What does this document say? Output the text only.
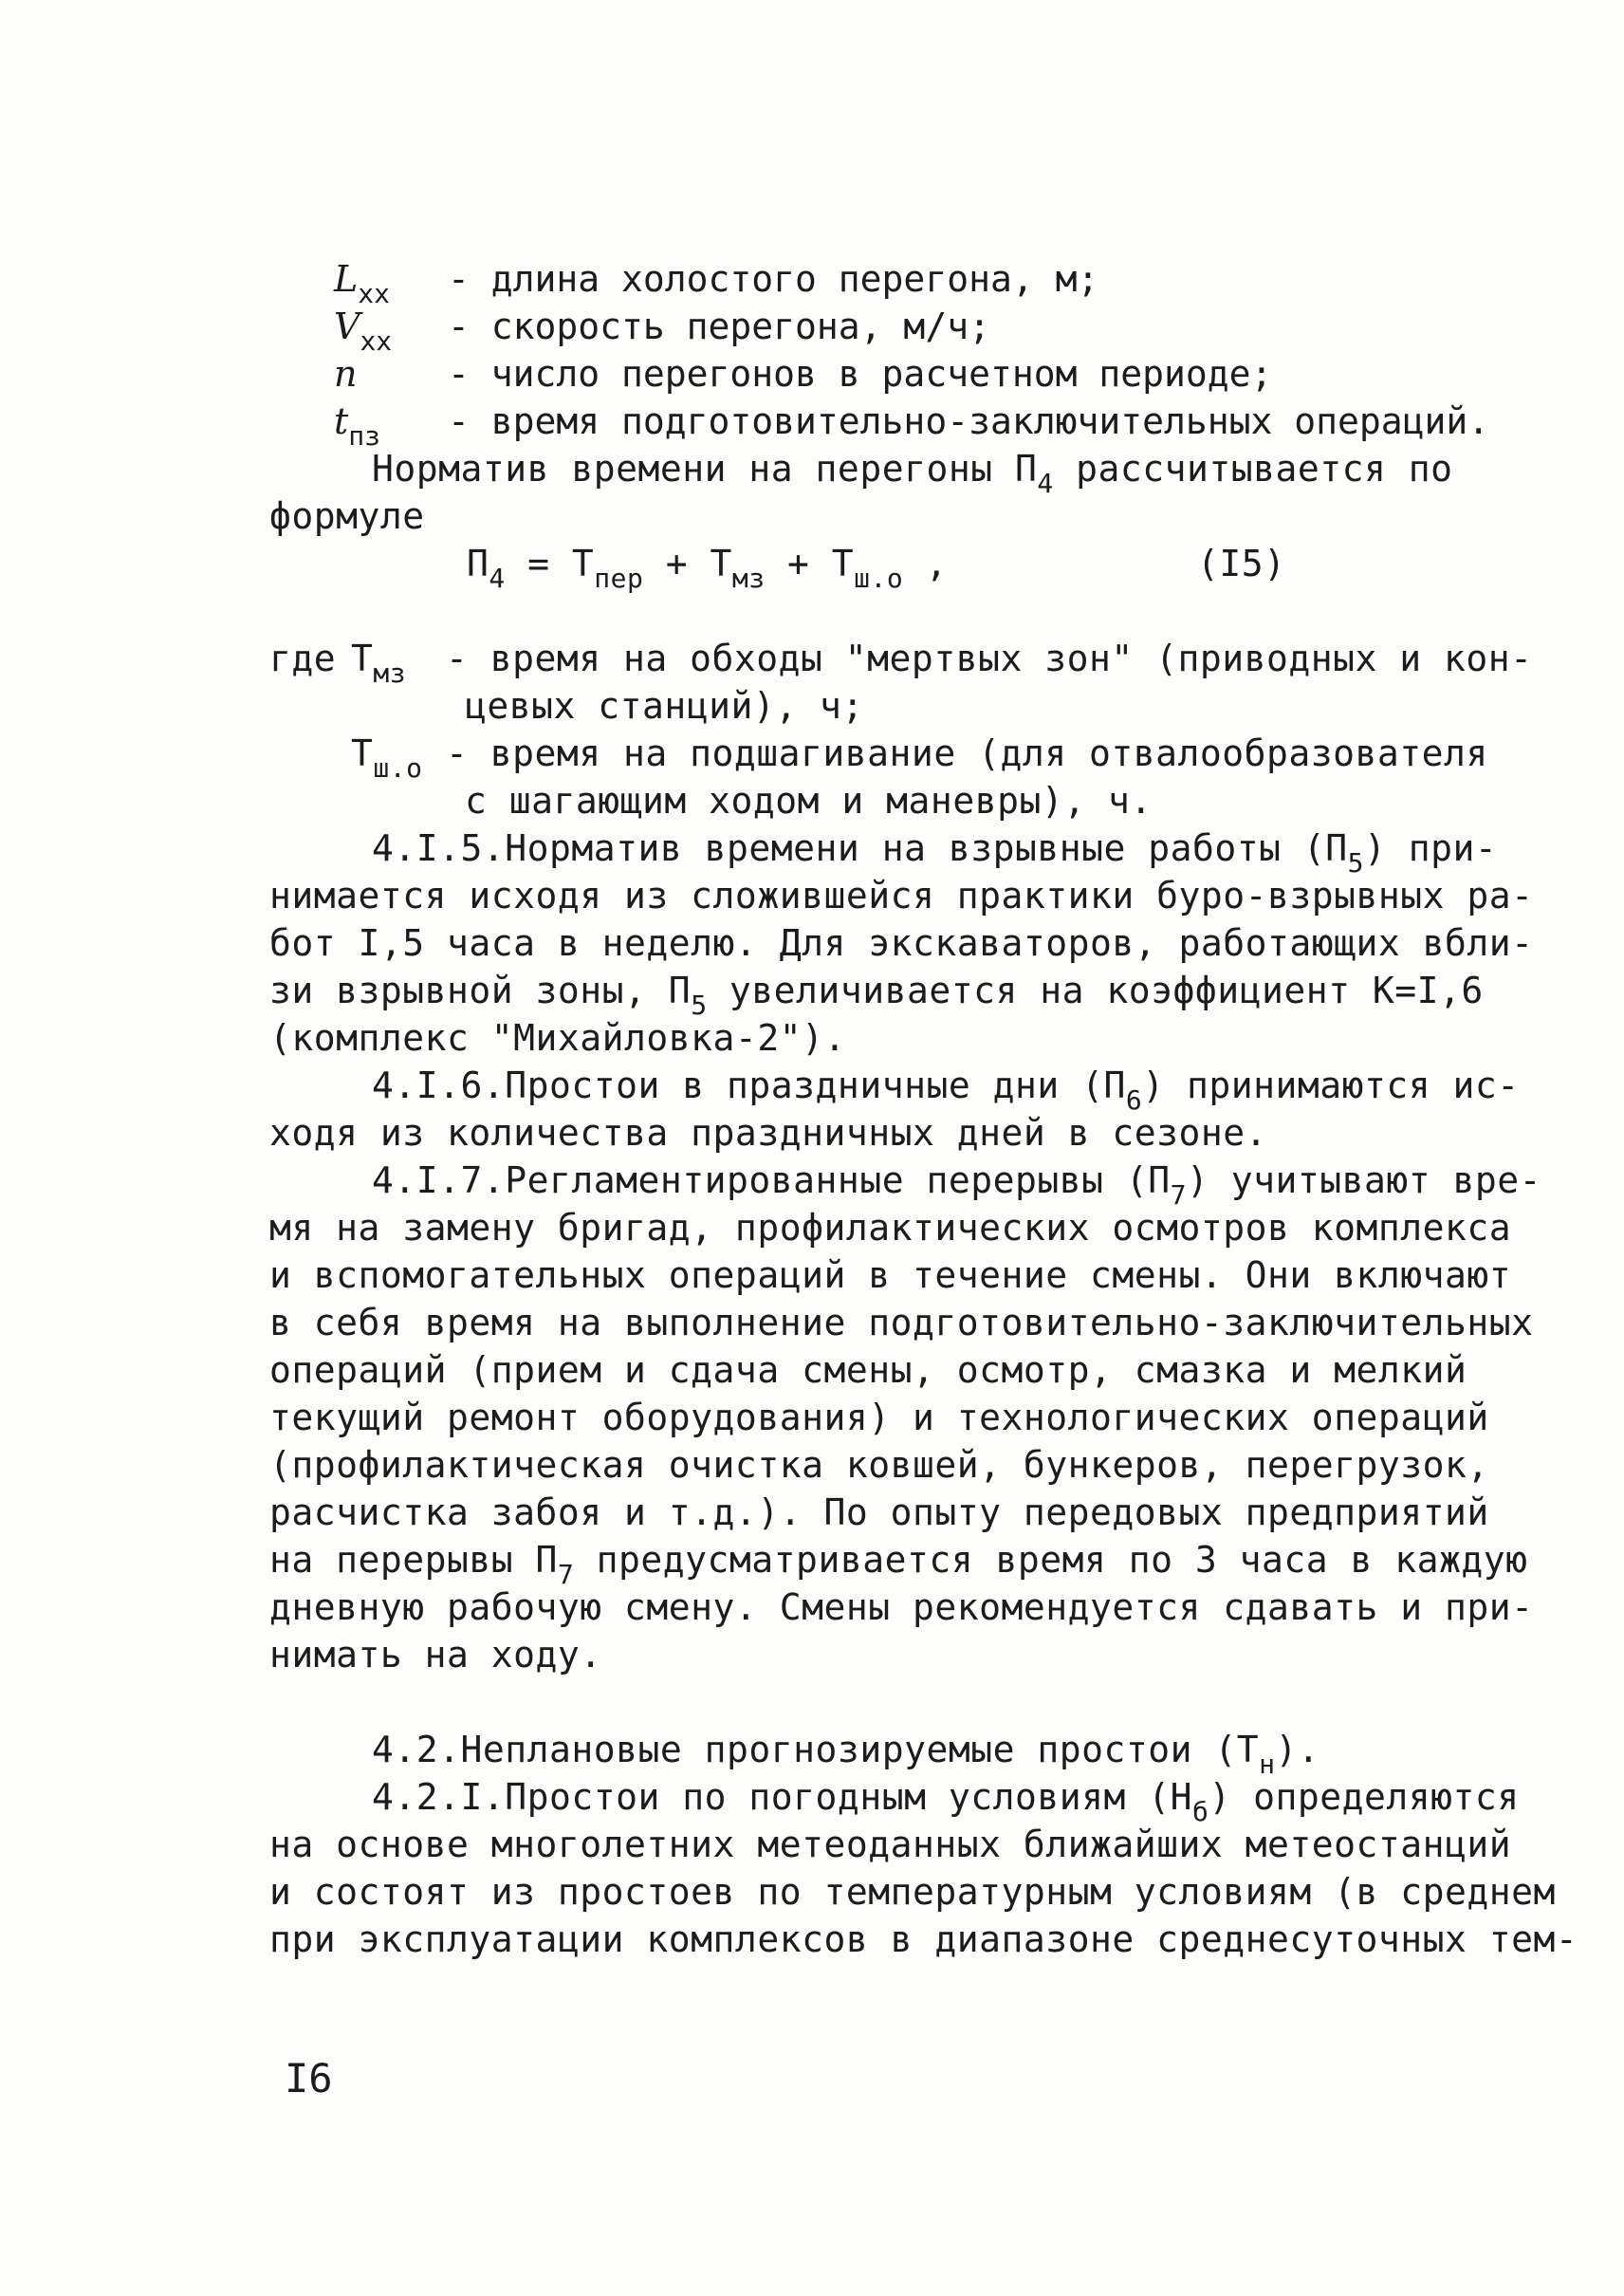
$L_{хх}$ - длина холостого перегона, м;
$V_{хх}$ - скорость перегона, м/ч;
n	- число перегонов в расчетном периоде;
$t_{пз}$ - время подготовительно-заключительных операций.
Норматив времени на перегоны $П_4$ рассчитывается по
формуле
$П_4 = Т_{пер} + Т_{мз} + Т_{ш.о}$ ,	(I5)
где $Т_{мз}$ - время на обходы "мертвых зон" (приводных и кон-
цевых станций), ч;
$Т_{ш.о}$ - время на подшагивание (для отвалообразователя
с шагающим ходом и маневры), ч.
4.I.5.Норматив времени на взрывные работы $(П_5)$ при-
нимается исходя из сложившейся практики буро-взрывных ра-
бот I,5 часа в неделю. Для экскаваторов, работающих вбли-
зи взрывной зоны, $П_5$ увеличивается на коэффициент К=I,6
(комплекс "Михайловка-2").
4.I.6.Простои в праздничные дни $(П_6)$ принимаются ис-
ходя из количества праздничных дней в сезоне.
4.I.7.Регламентированные перерывы $(П_7)$ учитывают вре-
мя на замену бригад, профилактических осмотров комплекса
и вспомогательных операций в течение смены. Они включают
в себя время на выполнение подготовительно-заключительных
операций (прием и сдача смены, осмотр, смазка и мелкий
текущий ремонт оборудования) и технологических операций
(профилактическая очистка ковшей, бункеров, перегрузок,
расчистка забоя и т.д.). По опыту передовых предприятий
на перерывы $П_7$ предусматривается время по 3 часа в каждую
дневную рабочую смену. Смены рекомендуется сдавать и при-
нимать на ходу.
4.2.Неплановые прогнозируемые простои $(Т_н)$.
4.2.I.Простои по погодным условиям $(Н_б)$ определяются
на основе многолетних метеоданных ближайших метеостанций
и состоят из простоев по температурным условиям (в среднем
при эксплуатации комплексов в диапазоне среднесуточных тем-
I6
